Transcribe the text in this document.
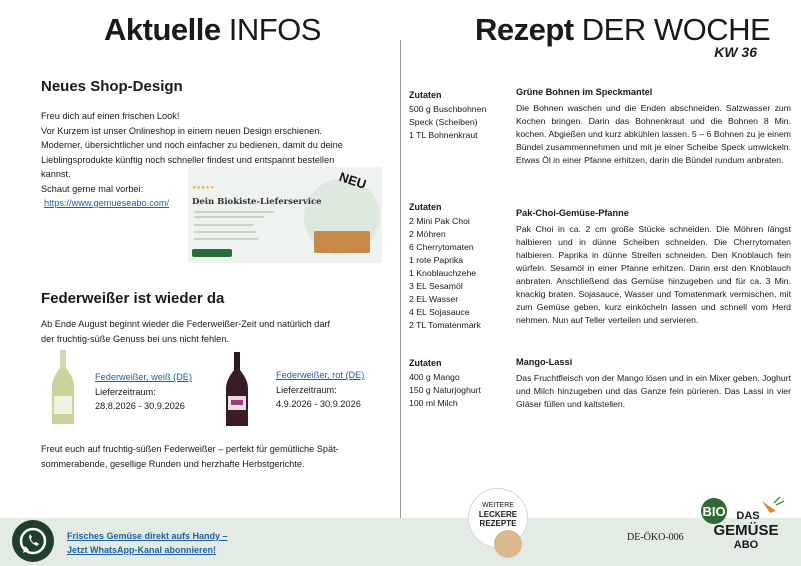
Aktuelle INFOS	Rezept DER WOCHE
KW 36
Neues Shop-Design

Freu dich auf einen frischen Look!

Vor Kurzem ist unser Onlineshop in einem neuen Design erschienen.

Moderner, übersichtlicher und noch einfacher zu bedienen, damit du deine

Lieblingsprodukte künftig noch schneller findest und entspannt bestellen

kannst.

Schaut gerne mal vorbei:

https://www.gemueseabo.com/

★★★★★
Dein Biokiste-Lieferservice
NEU
Federweißer ist wieder da

Ab Ende August beginnt wieder die Federweißer-Zeit und natürlich darf

der fruchtig-süße Genuss bei uns nicht fehlen.

Federweißer, weiß (DE)
Lieferzeitraum:
28.8.2026 - 30.9.2026
Federweißer, rot (DE)
Lieferzeitraum:
4.9.2026 - 30.9.2026
Freut euch auf fruchtig-süßen Federweißer – perfekt für gemütliche Spät-
sommerabende, gesellige Runden und herzhafte Herbstgerichte.
Zutaten
500 g Buschbohnen
Speck (Scheiben)
1 TL Bohnenkraut
Grüne Bohnen im Speckmantel

Die Bohnen waschen und die Enden abschneiden. Salzwasser zum Kochen bringen. Darin das Bohnenkraut und die Bohnen 8 Min. kochen. Abgießen und kurz abkühlen lassen. 5 – 6 Bohnen zu je einem Bündel zusammennehmen und mit je einer Scheibe Speck umwickeln. Etwas Öl in einer Pfanne erhitzen, darin die Bündel rundum anbraten.

Zutaten
2 Mini Pak Choi
2 Möhren
6 Cherrytomaten
1 rote Paprika
1 Knoblauchzehe
3 EL Sesamöl
2 EL Wasser
4 EL Sojasauce
2 TL Tomatenmark
Pak-Choi-Gemüse-Pfanne

Pak Choi in ca. 2 cm große Stücke schneiden. Die Möhren längst halbieren und in dünne Scheiben schneiden. Die Cherrytomaten halbieren. Paprika in dünne Streifen schneiden. Den Knoblauch fein würfeln. Sesamöl in einer Pfanne erhitzen. Darin erst den Knoblauch anbraten. Anschließend das Gemüse hinzugeben und für ca. 3 Min. knackig braten. Sojasauce, Wasser und Tomatenmark vermischen, mit zum Gemüse geben, kurz einköcheln lassen und schnell vom Herd nehmen. Nun auf Teller verteilen und servieren.

Zutaten
400 g Mango
150 g Naturjoghurt
100 ml Milch
Mango-Lassi

Das Fruchtfleisch von der Mango lösen und in ein Mixer geben. Joghurt und Milch hinzugeben und das Ganze fein pürieren. Das Lassi in vier Gläser füllen und kaltstellen.

Frisches Gemüse direkt aufs Handy –
Jetzt WhatsApp-Kanal abonnieren!
WEITERE
LECKERE
REZEPTE
DE-ÖKO-006
BIO DAS
GEMÜSE
ABO
